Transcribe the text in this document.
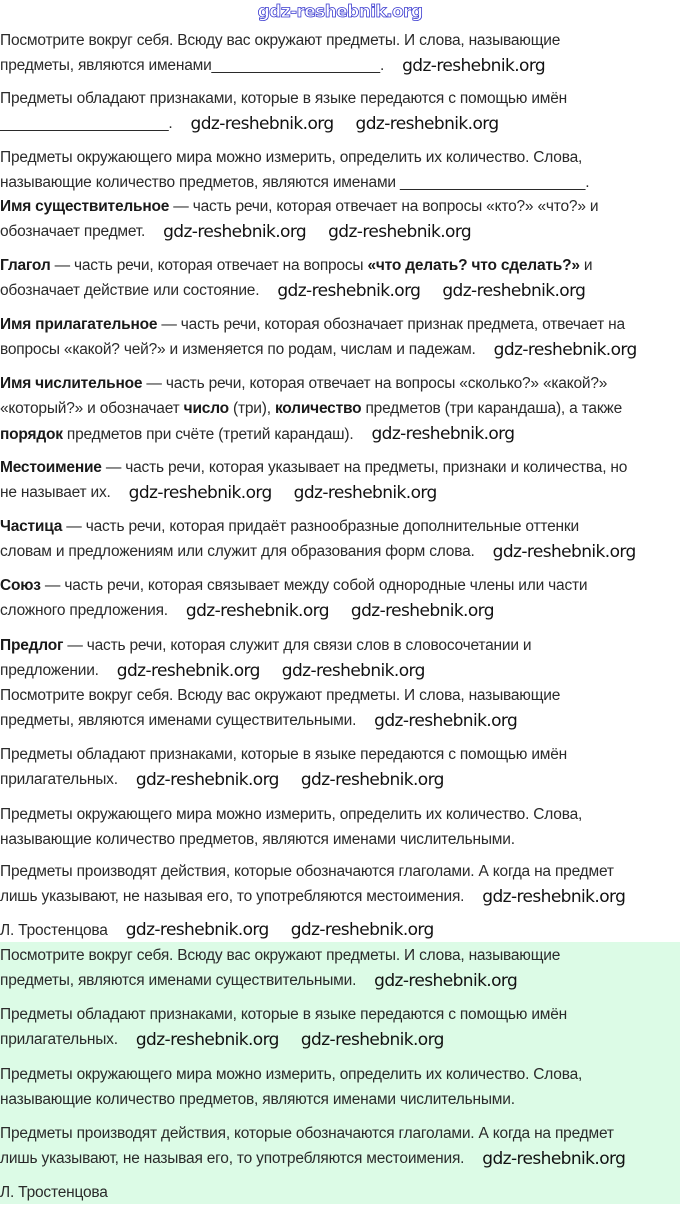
gdz-reshebnik.org
Посмотрите вокруг себя. Всюду вас окружают предметы. И слова, называющие
предметы, являются именами____________________.
Предметы обладают признаками, которые в языке передаются с помощью имён
____________________.
Предметы окружающего мира можно измерить, определить их количество. Слова,
называющие количество предметов, являются именами ______________________.
Имя существительное — часть речи, которая отвечает на вопросы «кто?» «что?» и
обозначает предмет.
Глагол — часть речи, которая отвечает на вопросы «что делать? что сделать?» и
обозначает действие или состояние.
Имя прилагательное — часть речи, которая обозначает признак предмета, отвечает на
вопросы «какой? чей?» и изменяется по родам, числам и падежам.
Имя числительное — часть речи, которая отвечает на вопросы «сколько?» «какой?»
«который?» и обозначает число (три), количество предметов (три карандаша), а также
порядок предметов при счёте (третий карандаш).
Местоимение — часть речи, которая указывает на предметы, признаки и количества, но
не называет их.
Частица — часть речи, которая придаёт разнообразные дополнительные оттенки
словам и предложениям или служит для образования форм слова.
Союз — часть речи, которая связывает между собой однородные члены или части
сложного предложения.
Предлог — часть речи, которая служит для связи слов в словосочетании и
предложении.
Посмотрите вокруг себя. Всюду вас окружают предметы. И слова, называющие
предметы, являются именами существительными.
Предметы обладают признаками, которые в языке передаются с помощью имён
прилагательных.
Предметы окружающего мира можно измерить, определить их количество. Слова,
называющие количество предметов, являются именами числительными.
Предметы производят действия, которые обозначаются глаголами. А когда на предмет
лишь указывают, не называя его, то употребляются местоимения.
Л. Тростенцова
Посмотрите вокруг себя. Всюду вас окружают предметы. И слова, называющие
предметы, являются именами существительными.
Предметы обладают признаками, которые в языке передаются с помощью имён
прилагательных.
Предметы окружающего мира можно измерить, определить их количество. Слова,
называющие количество предметов, являются именами числительными.
Предметы производят действия, которые обозначаются глаголами. А когда на предмет
лишь указывают, не называя его, то употребляются местоимения.
Л. Тростенцова
gdz-reshebnik.org
gdz-reshebnik.org gdz-reshebnik.org
gdz-reshebnik.org gdz-reshebnik.org
gdz-reshebnik.org gdz-reshebnik.org
gdz-reshebnik.org
gdz-reshebnik.org
gdz-reshebnik.org gdz-reshebnik.org
gdz-reshebnik.org
gdz-reshebnik.org gdz-reshebnik.org
gdz-reshebnik.org gdz-reshebnik.org
gdz-reshebnik.org
gdz-reshebnik.org gdz-reshebnik.org
gdz-reshebnik.org
gdz-reshebnik.org gdz-reshebnik.org
gdz-reshebnik.org
gdz-reshebnik.org gdz-reshebnik.org
gdz-reshebnik.org
